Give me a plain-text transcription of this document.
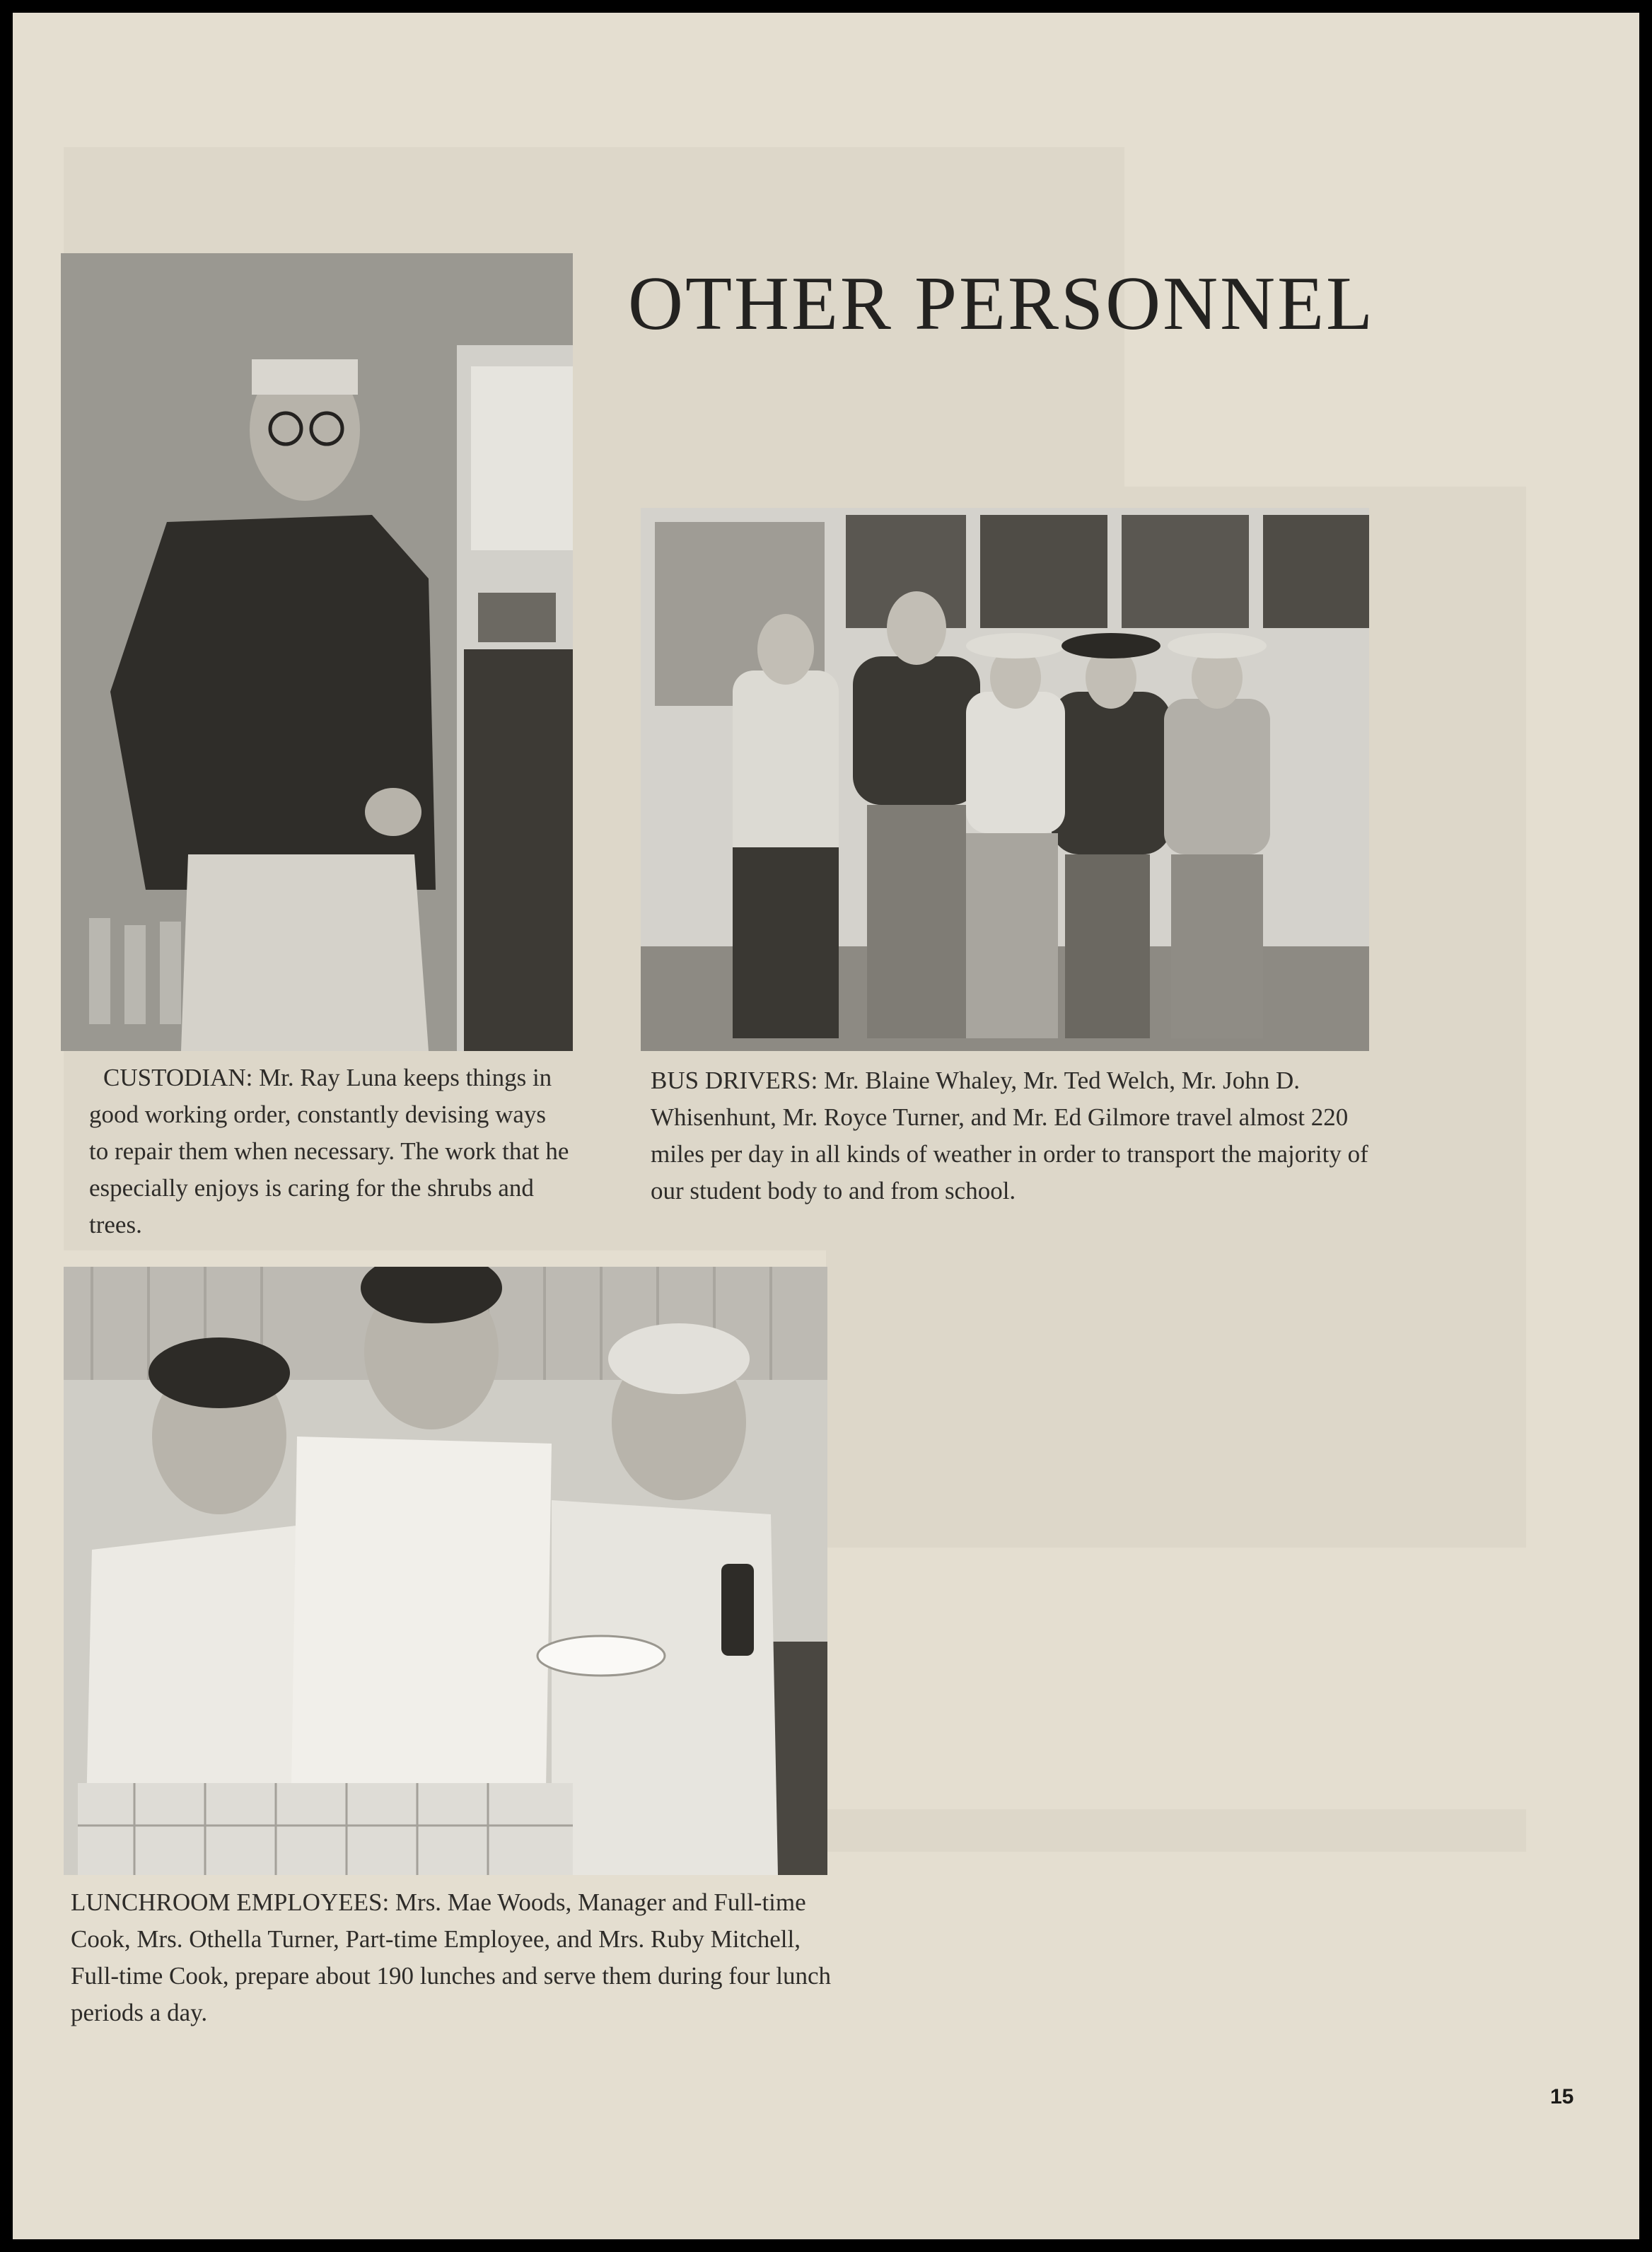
OTHER PERSONNEL

CUSTODIAN: Mr. Ray Luna keeps things in good working order, constantly devising ways to repair them when necessary. The work that he especially enjoys is caring for the shrubs and trees.

BUS DRIVERS: Mr. Blaine Whaley, Mr. Ted Welch, Mr. John D. Whisenhunt, Mr. Royce Turner, and Mr. Ed Gilmore travel almost 220 miles per day in all kinds of weather in order to transport the majority of our student body to and from school.

LUNCHROOM EMPLOYEES: Mrs. Mae Woods, Manager and Full-time Cook, Mrs. Othella Turner, Part-time Employee, and Mrs. Ruby Mitchell, Full-time Cook, prepare about 190 lunches and serve them during four lunch periods a day.

15
